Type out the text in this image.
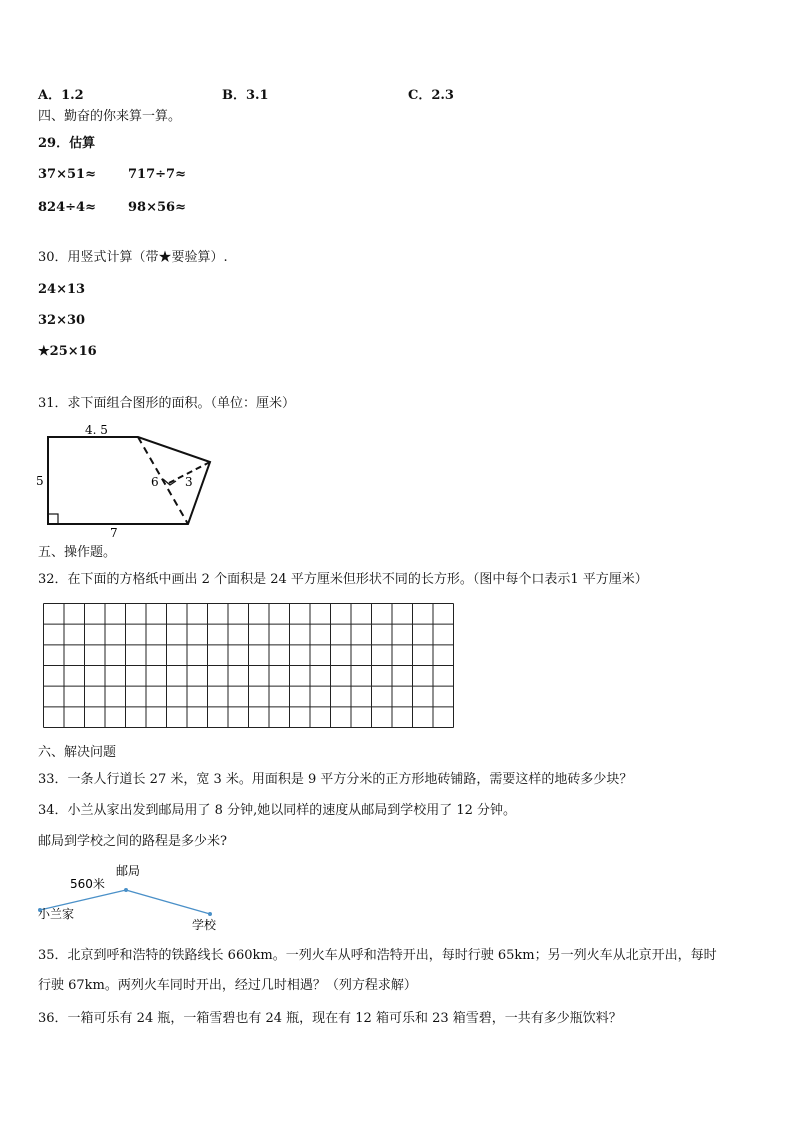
A．1.2	B．3.1	C．2.3
四、勤奋的你来算一算。
29．估算
37×51≈ 717÷7≈
824÷4≈ 98×56≈
30．用竖式计算（带★要验算）.
24×13
32×30
★25×16
31．求下面组合图形的面积。（单位：厘米）
4. 5
5
7
6 3
五、操作题。
32．在下面的方格纸中画出 2 个面积是 24 平方厘米但形状不同的长方形。（图中每个口表示1 平方厘米）
六、解决问题
33．一条人行道长 27 米，宽 3 米。用面积是 9 平方分米的正方形地砖铺路，需要这样的地砖多少块？
34．小兰从家出发到邮局用了 8 分钟,她以同样的速度从邮局到学校用了 12 分钟。
邮局到学校之间的路程是多少米?
邮局
560米
小兰家
学校
35．北京到呼和浩特的铁路线长 660km。一列火车从呼和浩特开出，每时行驶 65km；另一列火车从北京开出，每时
行驶 67km。两列火车同时开出，经过几时相遇？（列方程求解）
36．一箱可乐有 24 瓶，一箱雪碧也有 24 瓶，现在有 12 箱可乐和 23 箱雪碧，一共有多少瓶饮料？
